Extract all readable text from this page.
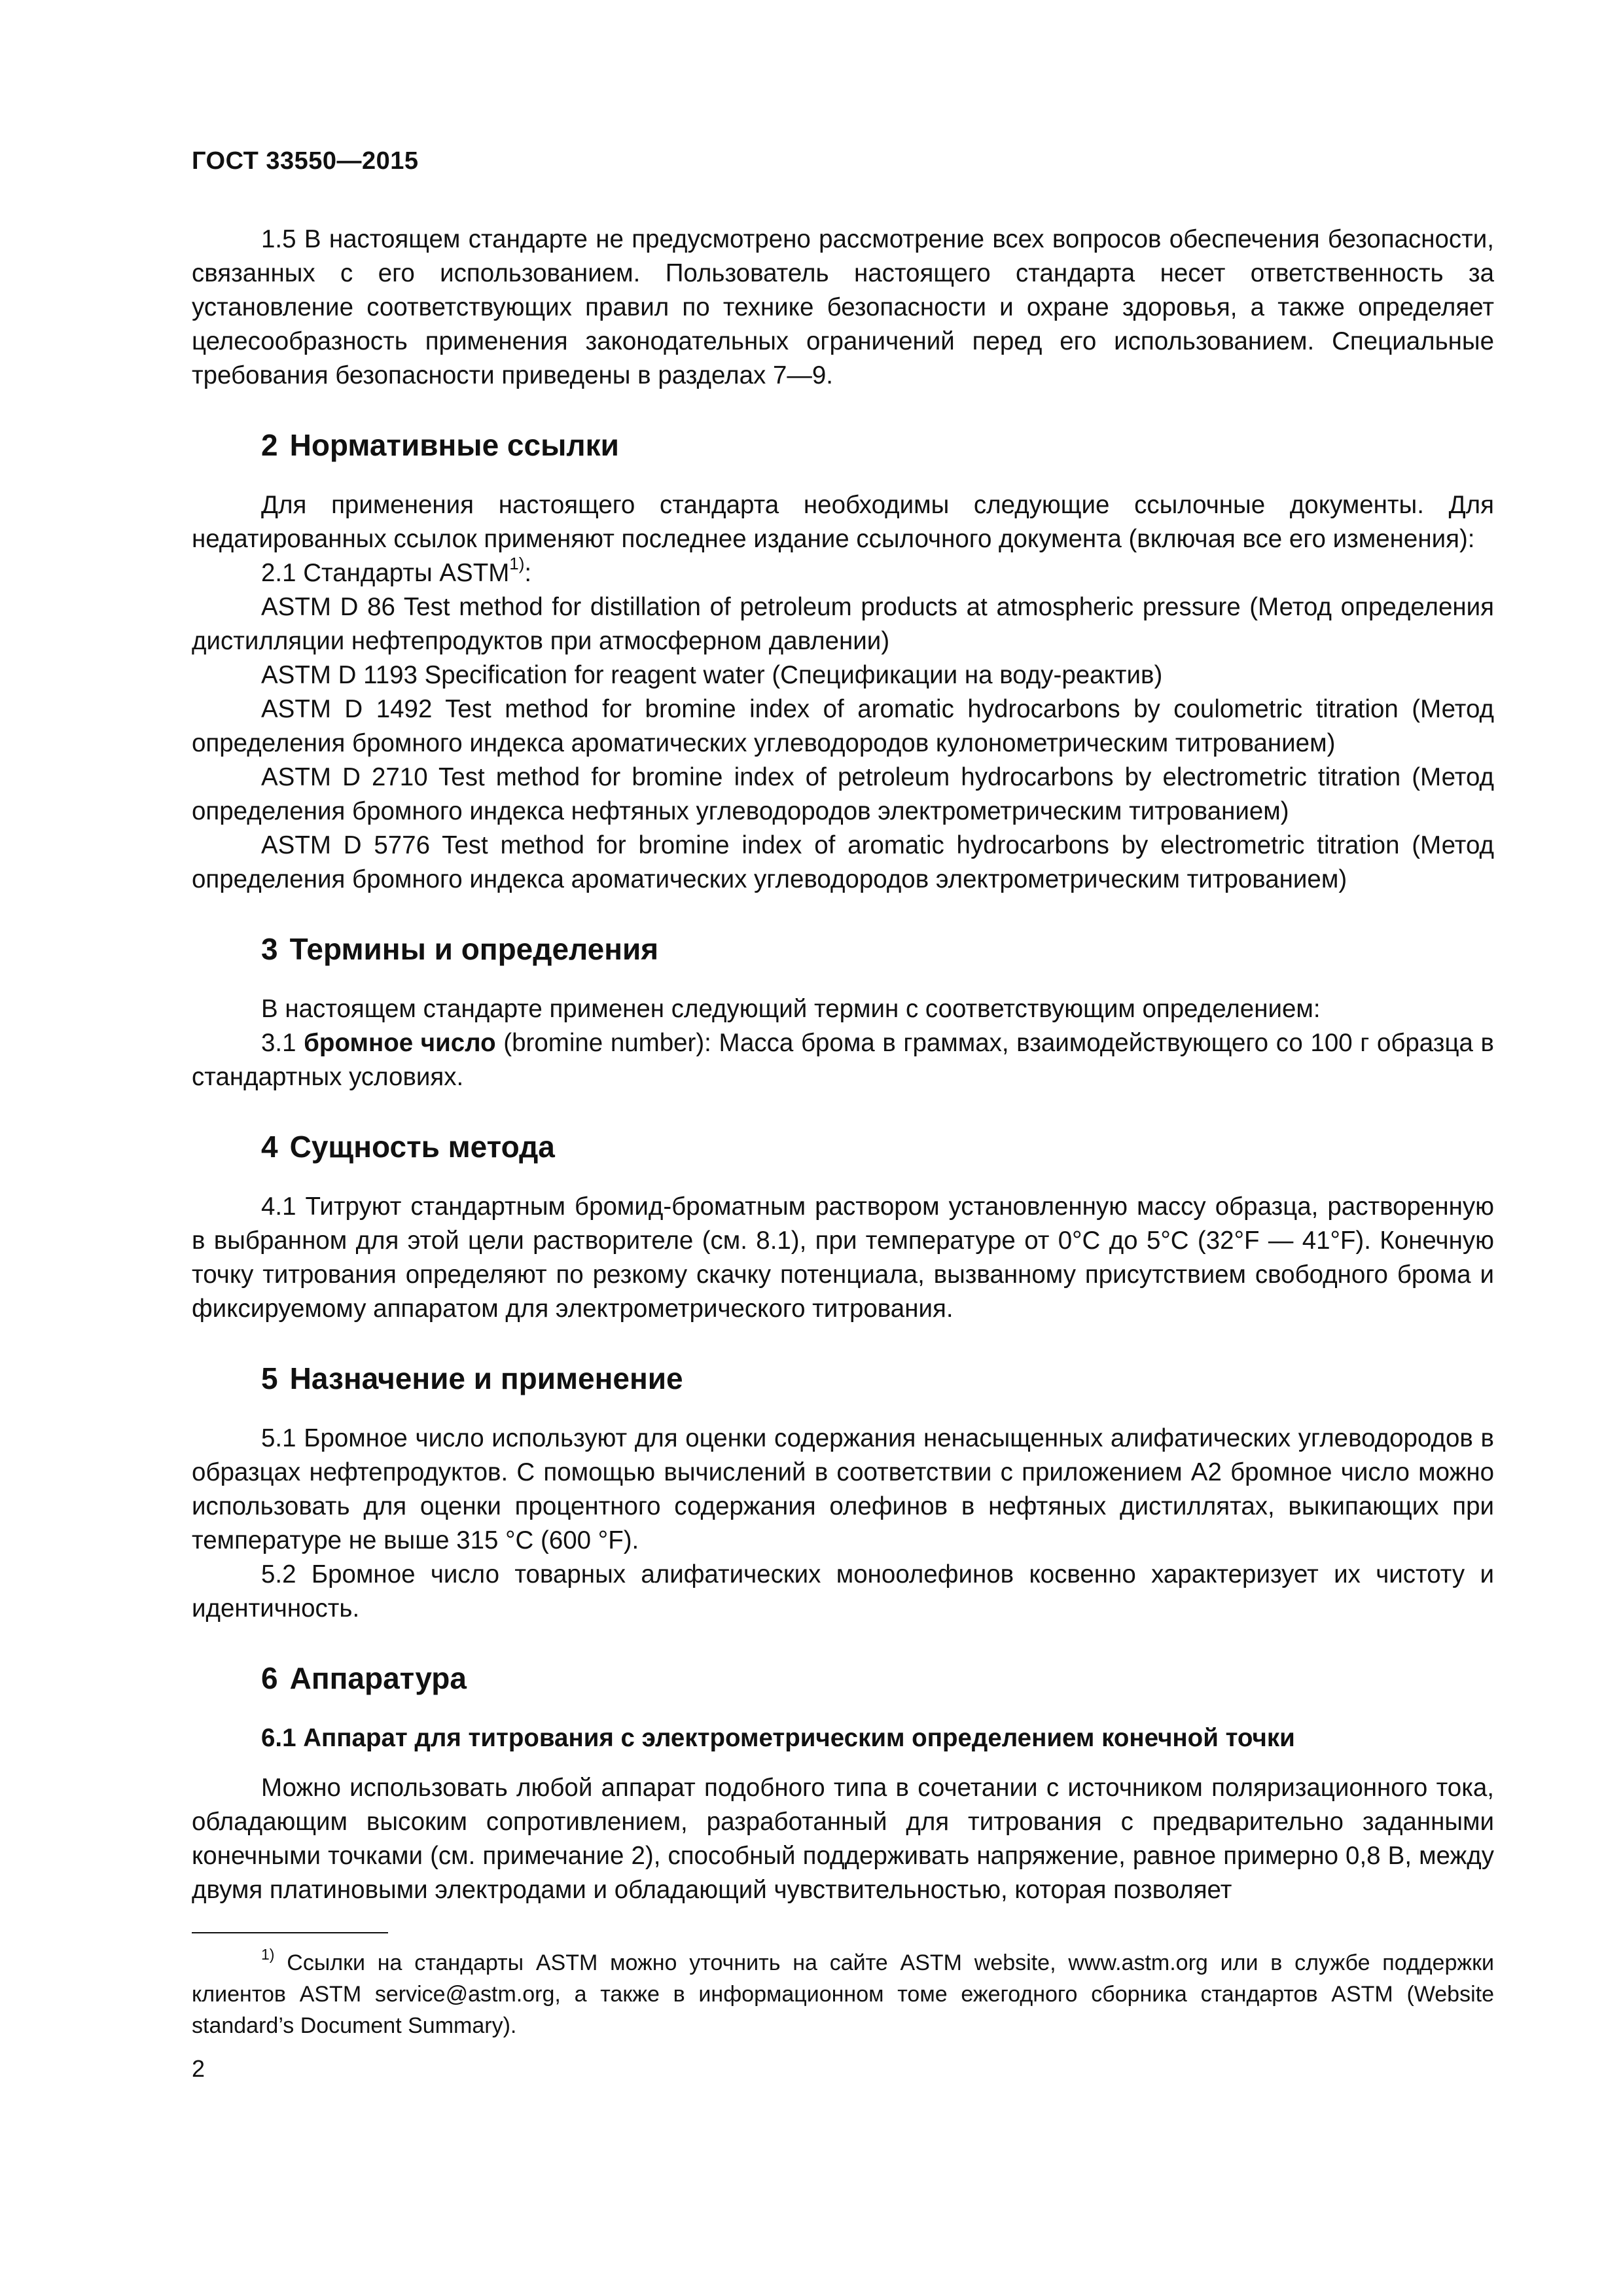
ГОСТ 33550—2015

1.5 В настоящем стандарте не предусмотрено рассмотрение всех вопросов обеспечения безопасности, связанных с его использованием. Пользователь настоящего стандарта несет ответственность за установление соответствующих правил по технике безопасности и охране здоровья, а также определяет целесообразность применения законодательных ограничений перед его использованием. Специальные требования безопасности приведены в разделах 7—9.

2 Нормативные ссылки

Для применения настоящего стандарта необходимы следующие ссылочные документы. Для недатированных ссылок применяют последнее издание ссылочного документа (включая все его изменения):

2.1 Стандарты ASTM$^{1)}$:

ASTM D 86 Test method for distillation of petroleum products at atmospheric pressure (Метод определения дистилляции нефтепродуктов при атмосферном давлении)

ASTM D 1193 Specification for reagent water (Спецификации на воду-реактив)

ASTM D 1492 Test method for bromine index of aromatic hydrocarbons by coulometric titration (Метод определения бромного индекса ароматических углеводородов кулонометрическим титрованием)

ASTM D 2710 Test method for bromine index of petroleum hydrocarbons by electrometric titration (Метод определения бромного индекса нефтяных углеводородов электрометрическим титрованием)

ASTM D 5776 Test method for bromine index of aromatic hydrocarbons by electrometric titration (Метод определения бромного индекса ароматических углеводородов электрометрическим титрованием)

3 Термины и определения

В настоящем стандарте применен следующий термин с соответствующим определением:

3.1 бромное число (bromine number): Масса брома в граммах, взаимодействующего со 100 г образца в стандартных условиях.

4 Сущность метода

4.1 Титруют стандартным бромид-броматным раствором установленную массу образца, растворенную в выбранном для этой цели растворителе (см. 8.1), при температуре от 0°С до 5°С (32°F — 41°F). Конечную точку титрования определяют по резкому скачку потенциала, вызванному присутствием свободного брома и фиксируемому аппаратом для электрометрического титрования.

5 Назначение и применение

5.1 Бромное число используют для оценки содержания ненасыщенных алифатических углеводородов в образцах нефтепродуктов. С помощью вычислений в соответствии с приложением А2 бромное число можно использовать для оценки процентного содержания олефинов в нефтяных дистиллятах, выкипающих при температуре не выше 315 °С (600 °F).

5.2 Бромное число товарных алифатических моноолефинов косвенно характеризует их чистоту и идентичность.

6 Аппаратура
6.1 Аппарат для титрования с электрометрическим определением конечной точки

Можно использовать любой аппарат подобного типа в сочетании с источником поляризационного тока, обладающим высоким сопротивлением, разработанный для титрования с предварительно заданными конечными точками (см. примечание 2), способный поддерживать напряжение, равное примерно 0,8 В, между двумя платиновыми электродами и обладающий чувствительностью, которая позволяет

$^{1)}$ Ссылки на стандарты ASTM можно уточнить на сайте ASTM website, www.astm.org или в службе поддержки клиентов ASTM service@astm.org, а также в информационном томе ежегодного сборника стандартов ASTM (Website standard’s Document Summary).

2
